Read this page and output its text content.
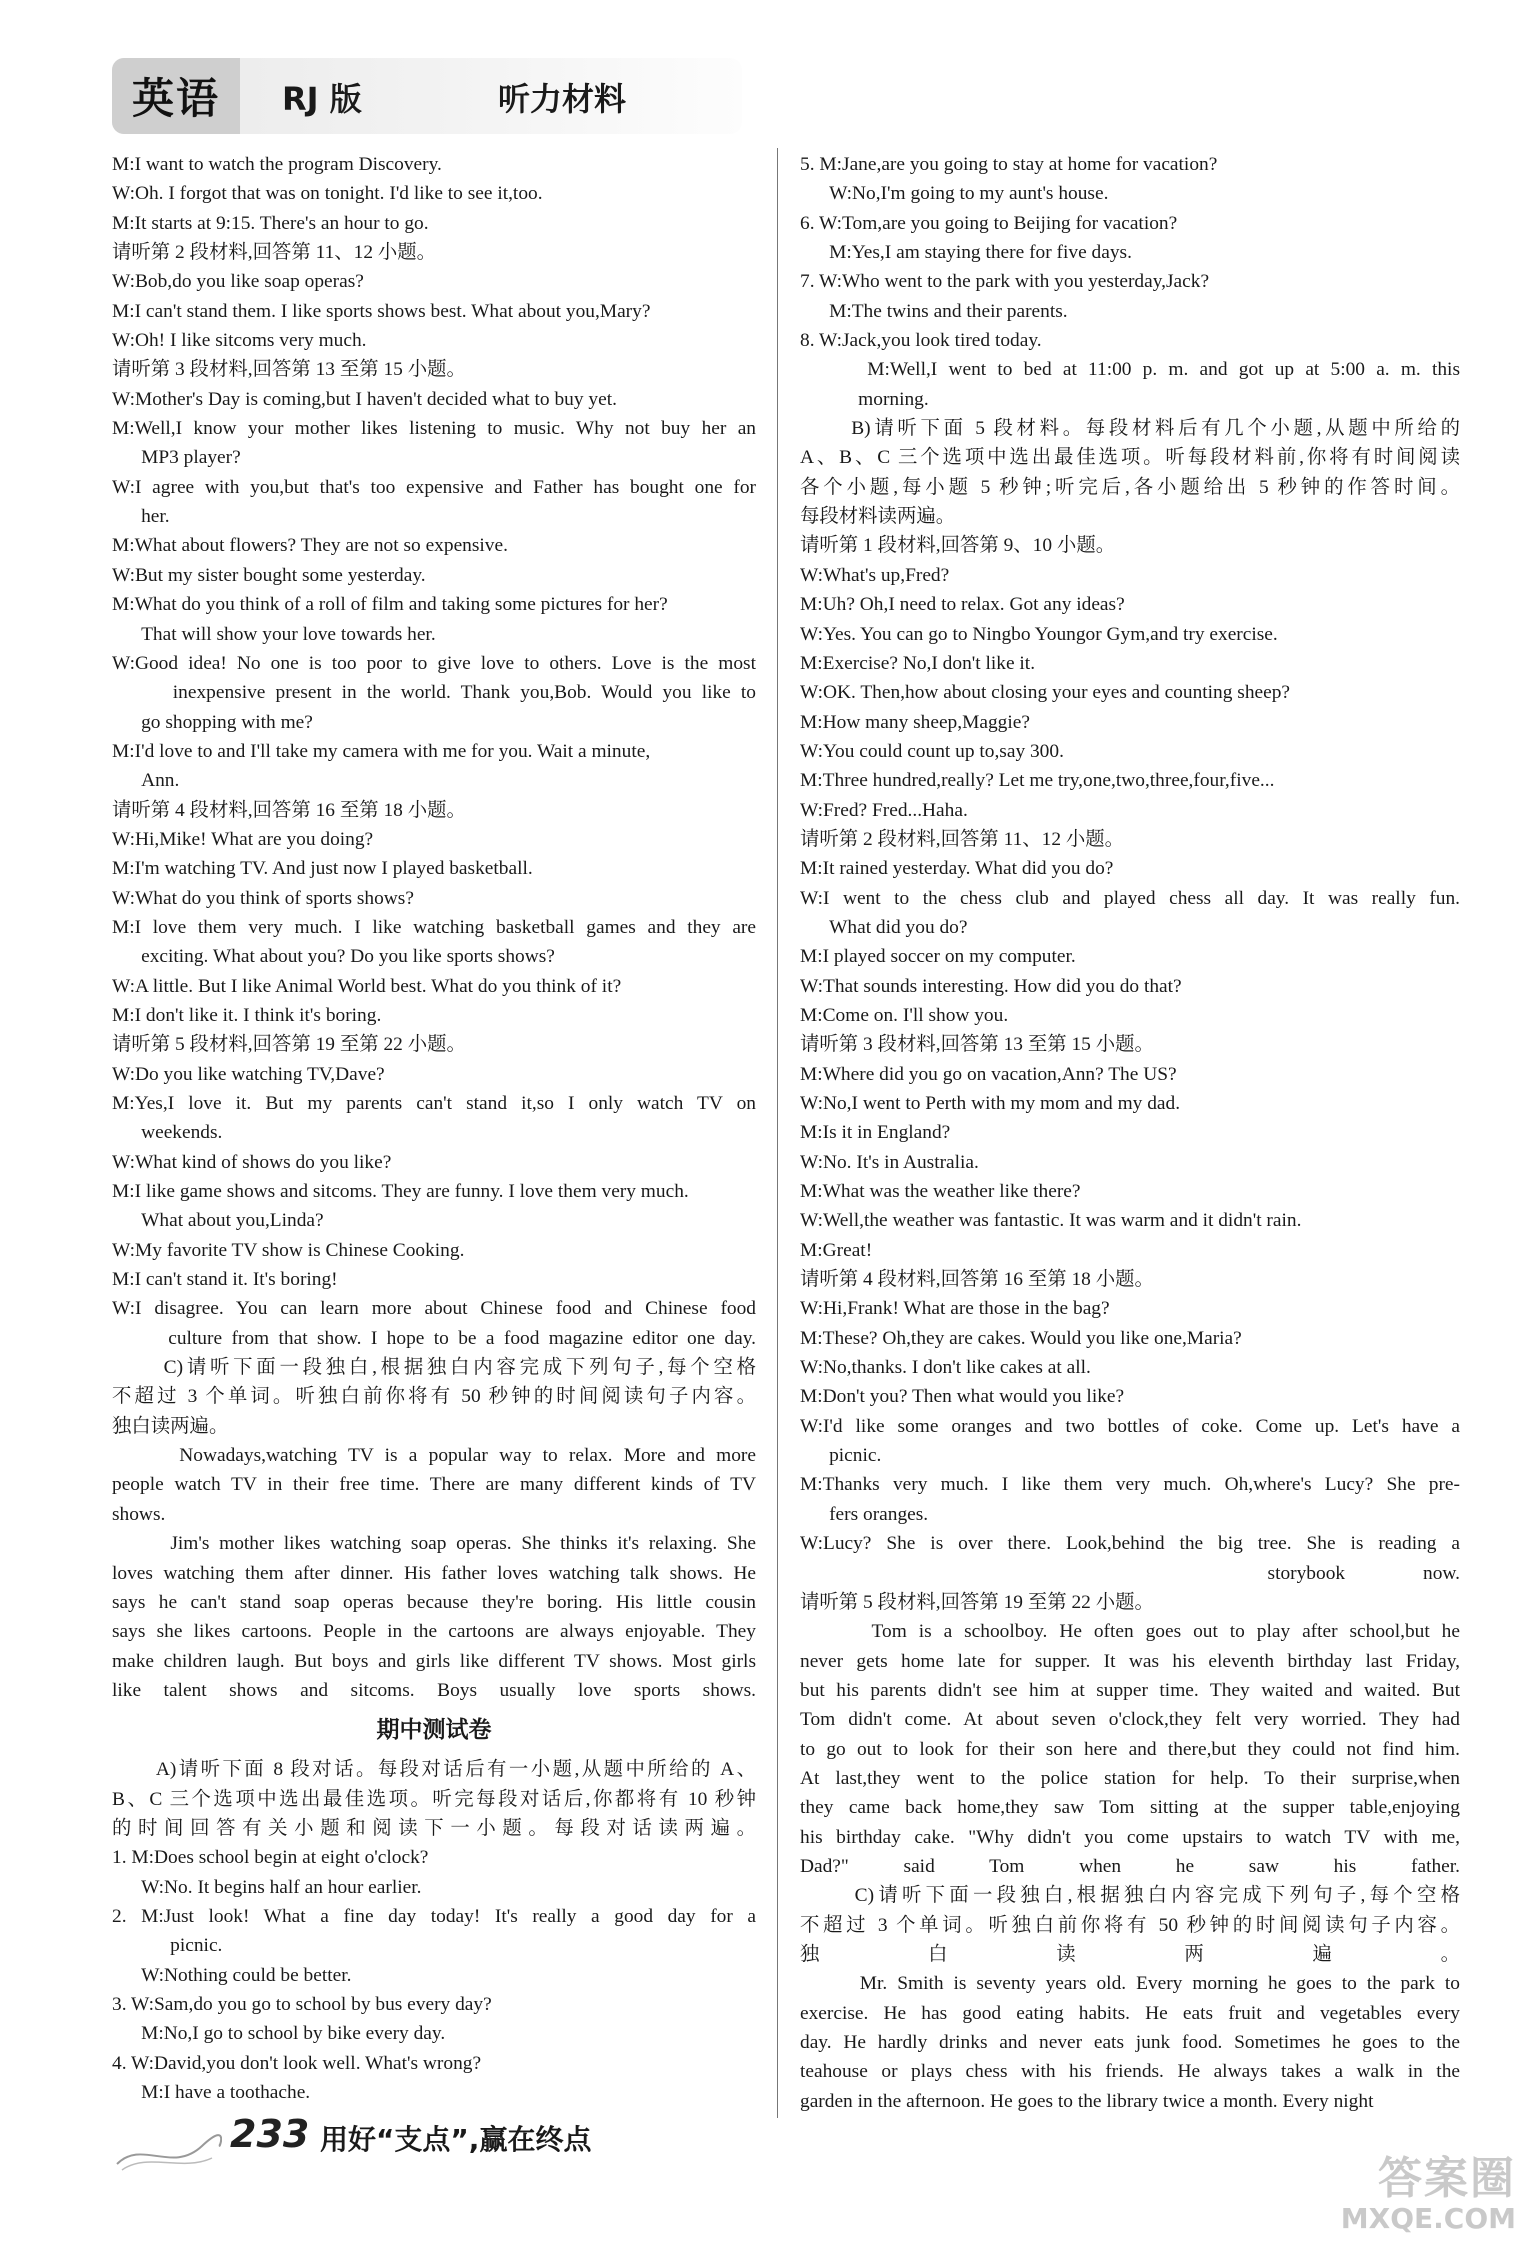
英语	RJ 版	听力材料
M:I want to watch the program Discovery.
W:Oh. I forgot that was on tonight. I'd like to see it,too.
M:It starts at 9:15. There's an hour to go.
请听第 2 段材料,回答第 11、12 小题。
W:Bob,do you like soap operas?
M:I can't stand them. I like sports shows best. What about you,Mary?
W:Oh! I like sitcoms very much.
请听第 3 段材料,回答第 13 至第 15 小题。
W:Mother's Day is coming,but I haven't decided what to buy yet.
M:Well,I know your mother likes listening to music. Why not buy her an
MP3 player?
W:I agree with you,but that's too expensive and Father has bought one for
her.
M:What about flowers? They are not so expensive.
W:But my sister bought some yesterday.
M:What do you think of a roll of film and taking some pictures for her?
That will show your love towards her.
W:Good idea! No one is too poor to give love to others. Love is the most
inexpensive present in the world. Thank you,Bob. Would you like to
go shopping with me?
M:I'd love to and I'll take my camera with me for you. Wait a minute,
Ann.
请听第 4 段材料,回答第 16 至第 18 小题。
W:Hi,Mike! What are you doing?
M:I'm watching TV. And just now I played basketball.
W:What do you think of sports shows?
M:I love them very much. I like watching basketball games and they are
exciting. What about you? Do you like sports shows?
W:A little. But I like Animal World best. What do you think of it?
M:I don't like it. I think it's boring.
请听第 5 段材料,回答第 19 至第 22 小题。
W:Do you like watching TV,Dave?
M:Yes,I love it. But my parents can't stand it,so I only watch TV on
weekends.
W:What kind of shows do you like?
M:I like game shows and sitcoms. They are funny. I love them very much.
What about you,Linda?
W:My favorite TV show is Chinese Cooking.
M:I can't stand it. It's boring!
W:I disagree. You can learn more about Chinese food and Chinese food
culture from that show. I hope to be a food magazine editor one day.
C)请听下面一段独白,根据独白内容完成下列句子,每个空格
不超过 3 个单词。听独白前你将有 50 秒钟的时间阅读句子内容。
独白读两遍。
Nowadays,watching TV is a popular way to relax. More and more
people watch TV in their free time. There are many different kinds of TV
shows.
Jim's mother likes watching soap operas. She thinks it's relaxing. She
loves watching them after dinner. His father loves watching talk shows. He
says he can't stand soap operas because they're boring. His little cousin
says she likes cartoons. People in the cartoons are always enjoyable. They
make children laugh. But boys and girls like different TV shows. Most girls
like talent shows and sitcoms. Boys usually love sports shows.
期中测试卷
A)请听下面 8 段对话。每段对话后有一小题,从题中所给的 A、
B、C 三个选项中选出最佳选项。听完每段对话后,你都将有 10 秒钟
的时间回答有关小题和阅读下一小题。每段对话读两遍。
1. M:Does school begin at eight o'clock?
W:No. It begins half an hour earlier.
2. M:Just look! What a fine day today! It's really a good day for a
picnic.
W:Nothing could be better.
3. W:Sam,do you go to school by bus every day?
M:No,I go to school by bike every day.
4. W:David,you don't look well. What's wrong?
M:I have a toothache.
5. M:Jane,are you going to stay at home for vacation?
W:No,I'm going to my aunt's house.
6. W:Tom,are you going to Beijing for vacation?
M:Yes,I am staying there for five days.
7. W:Who went to the park with you yesterday,Jack?
M:The twins and their parents.
8. W:Jack,you look tired today.
M:Well,I went to bed at 11:00 p. m. and got up at 5:00 a. m. this
morning.
B)请听下面 5 段材料。每段材料后有几个小题,从题中所给的
A、B、C 三个选项中选出最佳选项。听每段材料前,你将有时间阅读
各个小题,每小题 5 秒钟;听完后,各小题给出 5 秒钟的作答时间。
每段材料读两遍。
请听第 1 段材料,回答第 9、10 小题。
W:What's up,Fred?
M:Uh? Oh,I need to relax. Got any ideas?
W:Yes. You can go to Ningbo Youngor Gym,and try exercise.
M:Exercise? No,I don't like it.
W:OK. Then,how about closing your eyes and counting sheep?
M:How many sheep,Maggie?
W:You could count up to,say 300.
M:Three hundred,really? Let me try,one,two,three,four,five...
W:Fred? Fred...Haha.
请听第 2 段材料,回答第 11、12 小题。
M:It rained yesterday. What did you do?
W:I went to the chess club and played chess all day. It was really fun.
What did you do?
M:I played soccer on my computer.
W:That sounds interesting. How did you do that?
M:Come on. I'll show you.
请听第 3 段材料,回答第 13 至第 15 小题。
M:Where did you go on vacation,Ann? The US?
W:No,I went to Perth with my mom and my dad.
M:Is it in England?
W:No. It's in Australia.
M:What was the weather like there?
W:Well,the weather was fantastic. It was warm and it didn't rain.
M:Great!
请听第 4 段材料,回答第 16 至第 18 小题。
W:Hi,Frank! What are those in the bag?
M:These? Oh,they are cakes. Would you like one,Maria?
W:No,thanks. I don't like cakes at all.
M:Don't you? Then what would you like?
W:I'd like some oranges and two bottles of coke. Come up. Let's have a
picnic.
M:Thanks very much. I like them very much. Oh,where's Lucy? She pre-
fers oranges.
W:Lucy? She is over there. Look,behind the big tree. She is reading a
storybook now.
请听第 5 段材料,回答第 19 至第 22 小题。
Tom is a schoolboy. He often goes out to play after school,but he
never gets home late for supper. It was his eleventh birthday last Friday,
but his parents didn't see him at supper time. They waited and waited. But
Tom didn't come. At about seven o'clock,they felt very worried. They had
to go out to look for their son here and there,but they could not find him.
At last,they went to the police station for help. To their surprise,when
they came back home,they saw Tom sitting at the supper table,enjoying
his birthday cake. "Why didn't you come upstairs to watch TV with me,
Dad?" said Tom when he saw his father.
C)请听下面一段独白,根据独白内容完成下列句子,每个空格
不超过 3 个单词。听独白前你将有 50 秒钟的时间阅读句子内容。
独白读两遍。
Mr. Smith is seventy years old. Every morning he goes to the park to
exercise. He has good eating habits. He eats fruit and vegetables every
day. He hardly drinks and never eats junk food. Sometimes he goes to the
teahouse or plays chess with his friends. He always takes a walk in the
garden in the afternoon. He goes to the library twice a month. Every night
233 用好“支点”,赢在终点
答案圈
MXQE.COM
